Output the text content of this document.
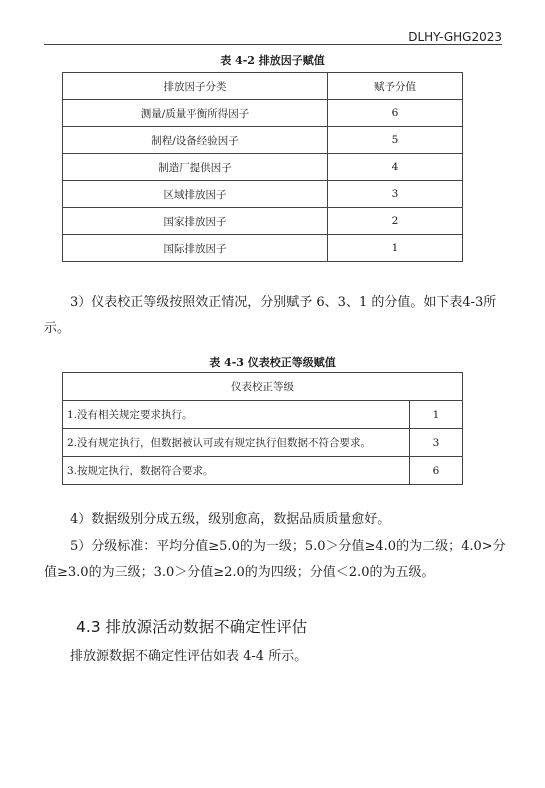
DLHY-GHG2023
表 4-2 排放因子赋值
排放因子分类	赋予分值
测量/质量平衡所得因子	6
制程/设备经验因子	5
制造厂提供因子	4
区域排放因子	3
国家排放因子	2
国际排放因子	1

3）仪表校正等级按照效正情况，分别赋予 6、3、1 的分值。如下表4-3所示。

表 4-3 仪表校正等级赋值
仪表校正等级	
1.没有相关规定要求执行。	1
2.没有规定执行，但数据被认可或有规定执行但数据不符合要求。	3
3.按规定执行，数据符合要求。	6

4）数据级别分成五级，级别愈高，数据品质质量愈好。

5）分级标准：平均分值≥5.0的为一级；5.0＞分值≥4.0的为二级；4.0>分值≥3.0的为三级；3.0＞分值≥2.0的为四级；分值＜2.0的为五级。

4.3 排放源活动数据不确定性评估

排放源数据不确定性评估如表 4-4 所示。
